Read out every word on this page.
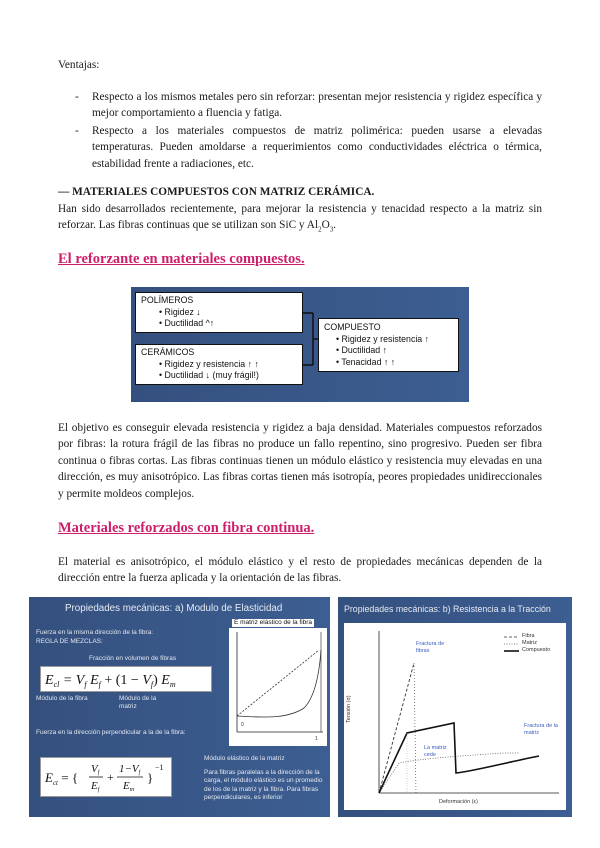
Ventajas:
- Respecto a los mismos metales pero sin reforzar: presentan mejor resistencia y rigidez específica y mejor comportamiento a fluencia y fatiga.
- Respecto a los materiales compuestos de matriz polimérica: pueden usarse a elevadas temperaturas. Pueden amoldarse a requerimientos como conductividades eléctrica o térmica, estabilidad frente a radiaciones, etc.
— MATERIALES COMPUESTOS CON MATRIZ CERÁMICA.
Han sido desarrollados recientemente, para mejorar la resistencia y tenacidad respecto a la matriz sin reforzar. Las fibras continuas que se utilizan son SiC y $Al_2O_3$.
El reforzante en materiales compuestos.
POLÍMEROS
• Rigidez ↓
• Ductilidad ^↑
CERÁMICOS
• Rigidez y resistencia ↑ ↑
• Ductilidad ↓ (muy frágil!)
COMPUESTO
• Rigidez y resistencia ↑
• Ductilidad ↑
• Tenacidad ↑ ↑
El objetivo es conseguir elevada resistencia y rigidez a baja densidad. Materiales compuestos reforzados por fibras: la rotura frágil de las fibras no produce un fallo repentino, sino progresivo. Pueden ser fibra continua o fibras cortas. Las fibras continuas tienen un módulo elástico y resistencia muy elevadas en una dirección, es muy anisotrópico. Las fibras cortas tienen más isotropía, peores propiedades unidireccionales y permite moldeos complejos.
Materiales reforzados con fibra continua.
El material es anisotrópico, el módulo elástico y el resto de propiedades mecánicas dependen de la dirección entre la fuerza aplicada y la orientación de las fibras.
Propiedades mecánicas: a) Modulo de Elasticidad
Fuerza en la misma dirección de la fibra:
REGLA DE MEZCLAS:
Fracción en volumen de fibras
$E_{cl} = V_f$ $E_f + (1 - V_f)$ $E_m$
Módulo de la fibra	Módulo de la matriz
Fuerza en la dirección perpendicular a la de la fibra:
$E_{ct}$ = {
Vf
Ef
+
1−Vf
Em
}
−1
0
1
E matriz elástico de la fibra
Módulo elástico de la matriz
Para fibras paralelas a la dirección de la carga, el módulo elástico es un promedio de los de la matriz y la fibra. Para fibras perpendiculares, es inferior
Propiedades mecánicas: b) Resistencia a la Tracción
Fibra
Matriz
Compuesto
Fractura de fibras
La matriz cede
Fractura de la matriz
Tensión (σ)
Deformación (ε)
